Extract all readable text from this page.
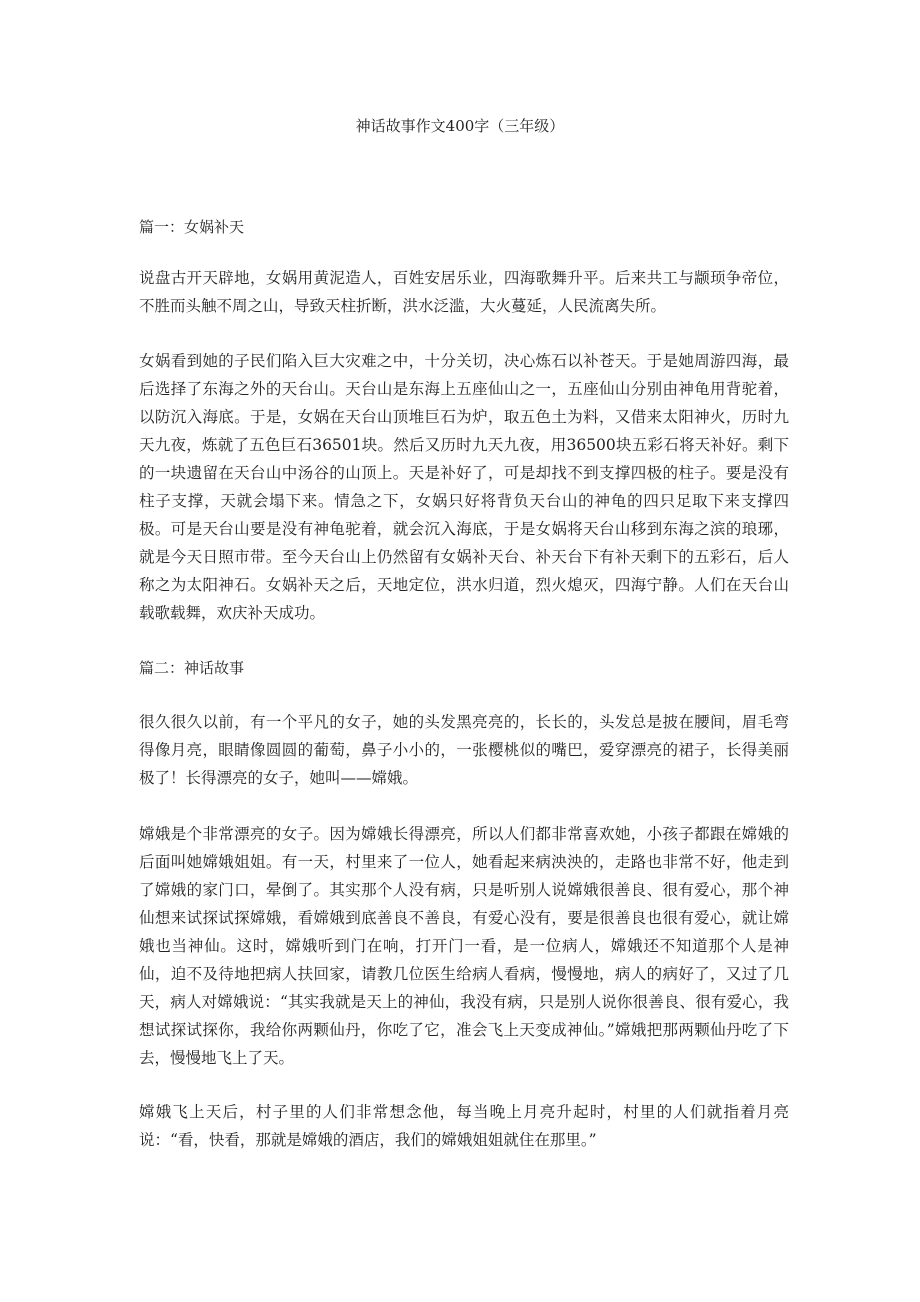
神话故事作文400字（三年级）

篇一：女娲补天

说盘古开天辟地，女娲用黄泥造人，百姓安居乐业，四海歌舞升平。后来共工与颛顼争帝位，不胜而头触不周之山，导致天柱折断，洪水泛滥，大火蔓延，人民流离失所。

女娲看到她的子民们陷入巨大灾难之中，十分关切，决心炼石以补苍天。于是她周游四海，最后选择了东海之外的天台山。天台山是东海上五座仙山之一，五座仙山分别由神龟用背驼着，以防沉入海底。于是，女娲在天台山顶堆巨石为炉，取五色土为料，又借来太阳神火，历时九天九夜，炼就了五色巨石36501块。然后又历时九天九夜，用36500块五彩石将天补好。剩下的一块遗留在天台山中汤谷的山顶上。天是补好了，可是却找不到支撑四极的柱子。要是没有柱子支撑，天就会塌下来。情急之下，女娲只好将背负天台山的神龟的四只足取下来支撑四极。可是天台山要是没有神龟驼着，就会沉入海底，于是女娲将天台山移到东海之滨的琅琊，就是今天日照市带。至今天台山上仍然留有女娲补天台、补天台下有补天剩下的五彩石，后人称之为太阳神石。女娲补天之后，天地定位，洪水归道，烈火熄灭，四海宁静。人们在天台山载歌载舞，欢庆补天成功。

篇二：神话故事

很久很久以前，有一个平凡的女子，她的头发黑亮亮的，长长的，头发总是披在腰间，眉毛弯得像月亮，眼睛像圆圆的葡萄，鼻子小小的，一张樱桃似的嘴巴，爱穿漂亮的裙子，长得美丽极了！长得漂亮的女子，她叫——嫦娥。

嫦娥是个非常漂亮的女子。因为嫦娥长得漂亮，所以人们都非常喜欢她，小孩子都跟在嫦娥的后面叫她嫦娥姐姐。有一天，村里来了一位人，她看起来病泱泱的，走路也非常不好，他走到了嫦娥的家门口，晕倒了。其实那个人没有病，只是听别人说嫦娥很善良、很有爱心，那个神仙想来试探试探嫦娥，看嫦娥到底善良不善良，有爱心没有，要是很善良也很有爱心，就让嫦娥也当神仙。这时，嫦娥听到门在响，打开门一看，是一位病人，嫦娥还不知道那个人是神仙，迫不及待地把病人扶回家，请教几位医生给病人看病，慢慢地，病人的病好了，又过了几天，病人对嫦娥说：“其实我就是天上的神仙，我没有病，只是别人说你很善良、很有爱心，我想试探试探你，我给你两颗仙丹，你吃了它，准会飞上天变成神仙。”嫦娥把那两颗仙丹吃了下去，慢慢地飞上了天。

嫦娥飞上天后，村子里的人们非常想念他，每当晚上月亮升起时，村里的人们就指着月亮说：“看，快看，那就是嫦娥的酒店，我们的嫦娥姐姐就住在那里。”
